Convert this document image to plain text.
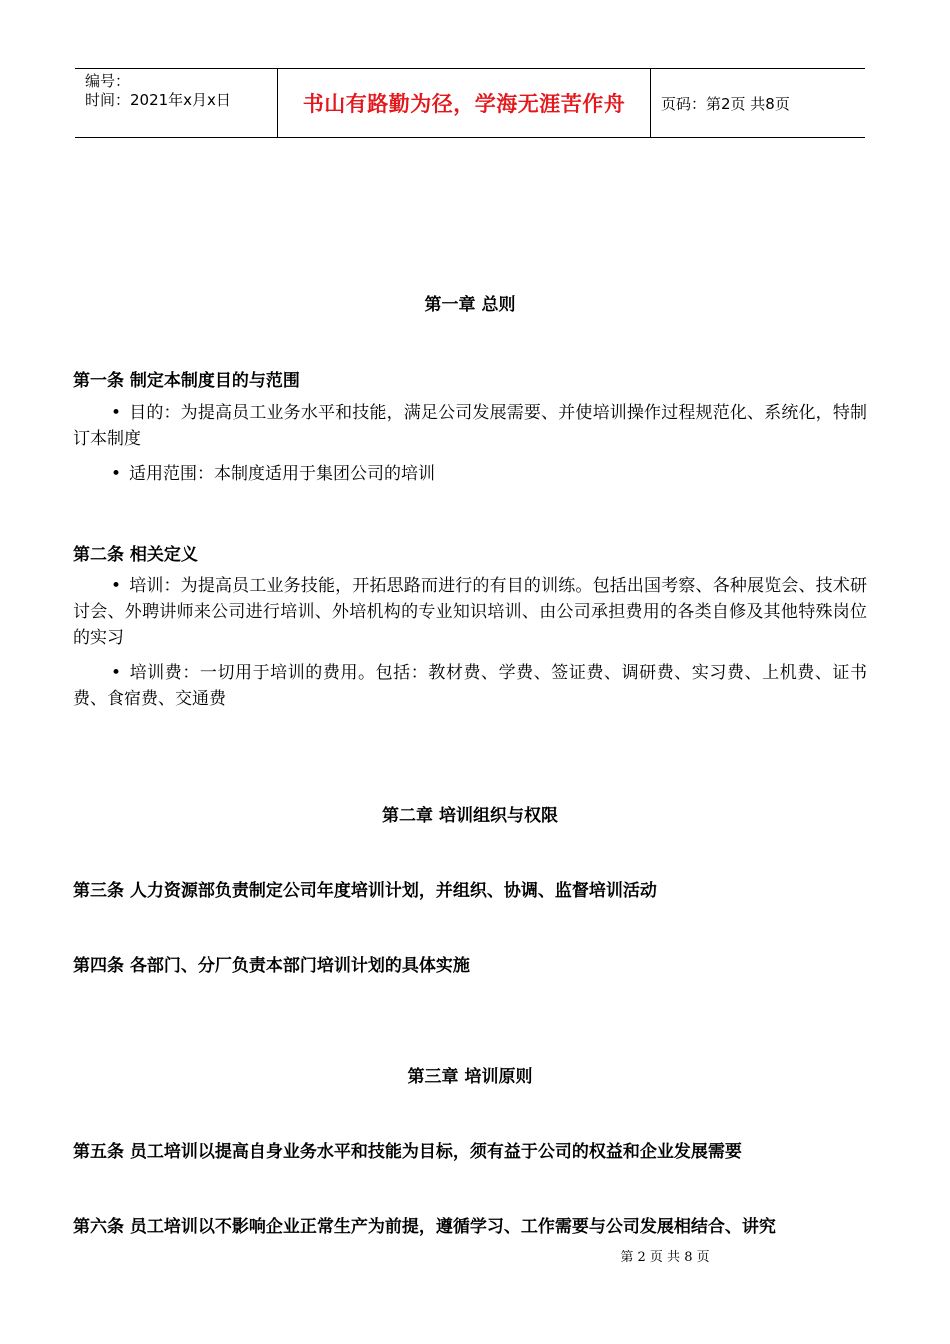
编号：
时间：2021年x月x日	书山有路勤为径，学海无涯苦作舟	页码：第2页 共8页
第一章 总则
第一条 制定本制度目的与范围
• 目的：为提高员工业务水平和技能，满足公司发展需要、并使培训操作过程规范化、系统化，特制订本制度
• 适用范围：本制度适用于集团公司的培训
第二条 相关定义
• 培训：为提高员工业务技能，开拓思路而进行的有目的训练。包括出国考察、各种展览会、技术研讨会、外聘讲师来公司进行培训、外培机构的专业知识培训、由公司承担费用的各类自修及其他特殊岗位的实习
• 培训费：一切用于培训的费用。包括：教材费、学费、签证费、调研费、实习费、上机费、证书费、食宿费、交通费
第二章 培训组织与权限
第三条 人力资源部负责制定公司年度培训计划，并组织、协调、监督培训活动
第四条 各部门、分厂负责本部门培训计划的具体实施
第三章 培训原则
第五条 员工培训以提高自身业务水平和技能为目标，须有益于公司的权益和企业发展需要
第六条 员工培训以不影响企业正常生产为前提，遵循学习、工作需要与公司发展相结合、讲究
第 2 页 共 8 页
